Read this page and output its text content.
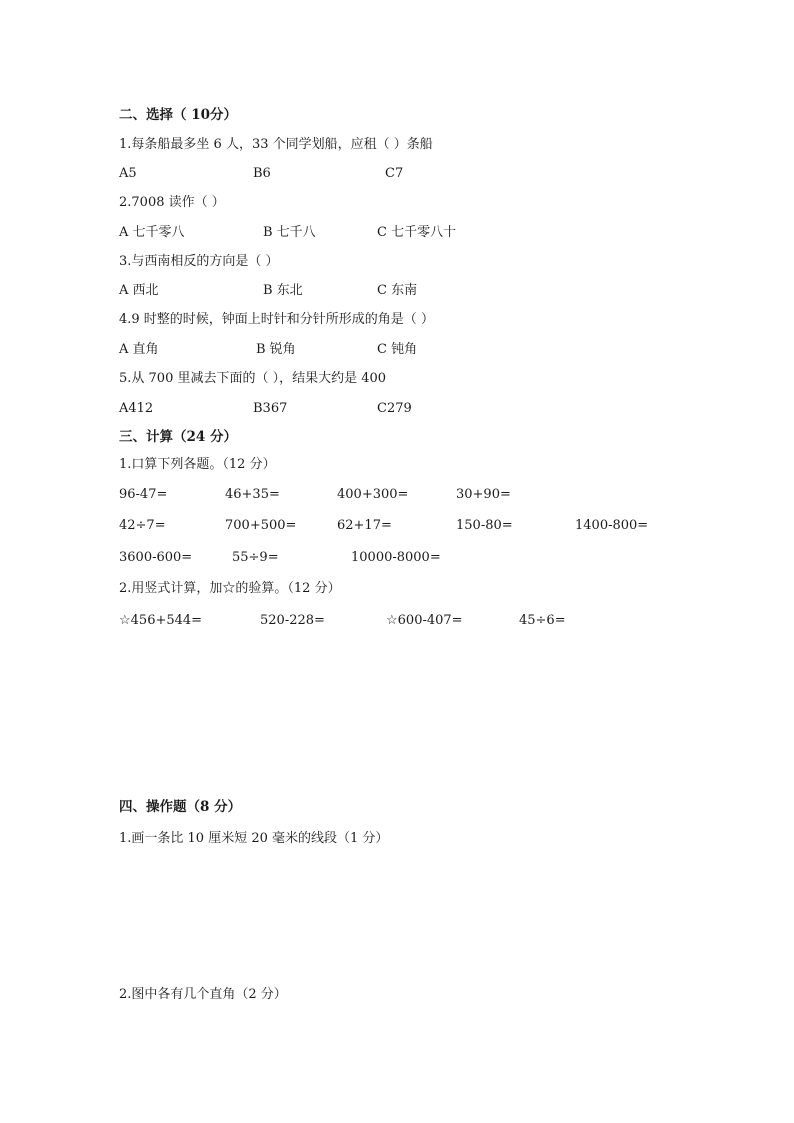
二、选择（ 10分）
1.每条船最多坐 6 人，33 个同学划船，应租（ ）条船
A5	B6	C7
2.7008 读作（ ）
A 七千零八	B 七千八	C 七千零八十
3.与西南相反的方向是（ ）
A 西北	B 东北	C 东南
4.9 时整的时候，钟面上时针和分针所形成的角是（ ）
A 直角	B 锐角	C 钝角
5.从 700 里减去下面的（ ），结果大约是 400
A412	B367	C279
三、计算（24 分）
1.口算下列各题。（12 分）
96-47=	46+35=	400+300=	30+90=
42÷7=	700+500=	62+17=	150-80=	1400-800=
3600-600=	55÷9=	10000-8000=
2.用竖式计算，加☆的验算。（12 分）
☆456+544=	520-228=	☆600-407=	45÷6=
四、操作题（8 分）
1.画一条比 10 厘米短 20 毫米的线段（1 分）
2.图中各有几个直角（2 分）
